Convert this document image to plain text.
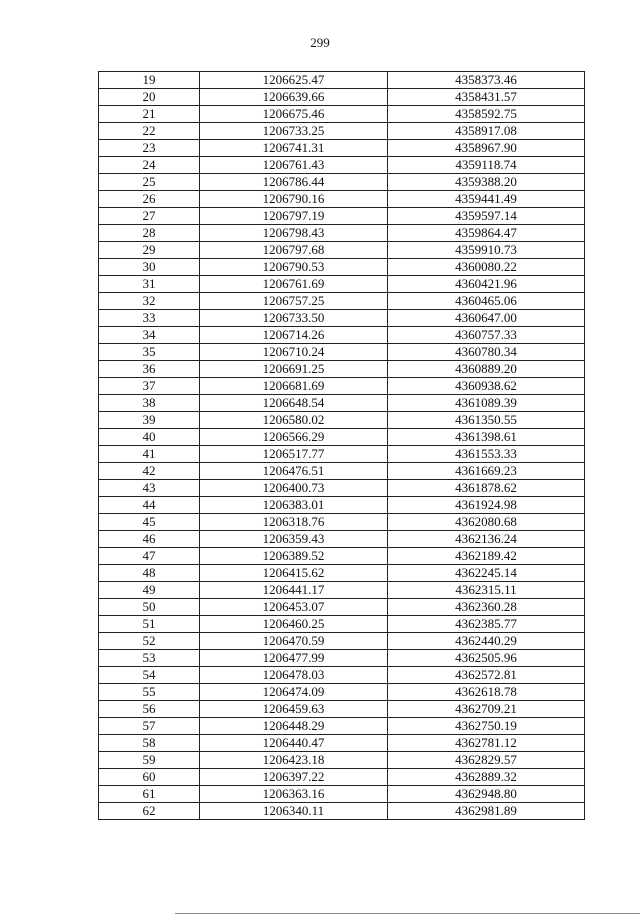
299
19	1206625.47	4358373.46
20	1206639.66	4358431.57
21	1206675.46	4358592.75
22	1206733.25	4358917.08
23	1206741.31	4358967.90
24	1206761.43	4359118.74
25	1206786.44	4359388.20
26	1206790.16	4359441.49
27	1206797.19	4359597.14
28	1206798.43	4359864.47
29	1206797.68	4359910.73
30	1206790.53	4360080.22
31	1206761.69	4360421.96
32	1206757.25	4360465.06
33	1206733.50	4360647.00
34	1206714.26	4360757.33
35	1206710.24	4360780.34
36	1206691.25	4360889.20
37	1206681.69	4360938.62
38	1206648.54	4361089.39
39	1206580.02	4361350.55
40	1206566.29	4361398.61
41	1206517.77	4361553.33
42	1206476.51	4361669.23
43	1206400.73	4361878.62
44	1206383.01	4361924.98
45	1206318.76	4362080.68
46	1206359.43	4362136.24
47	1206389.52	4362189.42
48	1206415.62	4362245.14
49	1206441.17	4362315.11
50	1206453.07	4362360.28
51	1206460.25	4362385.77
52	1206470.59	4362440.29
53	1206477.99	4362505.96
54	1206478.03	4362572.81
55	1206474.09	4362618.78
56	1206459.63	4362709.21
57	1206448.29	4362750.19
58	1206440.47	4362781.12
59	1206423.18	4362829.57
60	1206397.22	4362889.32
61	1206363.16	4362948.80
62	1206340.11	4362981.89
